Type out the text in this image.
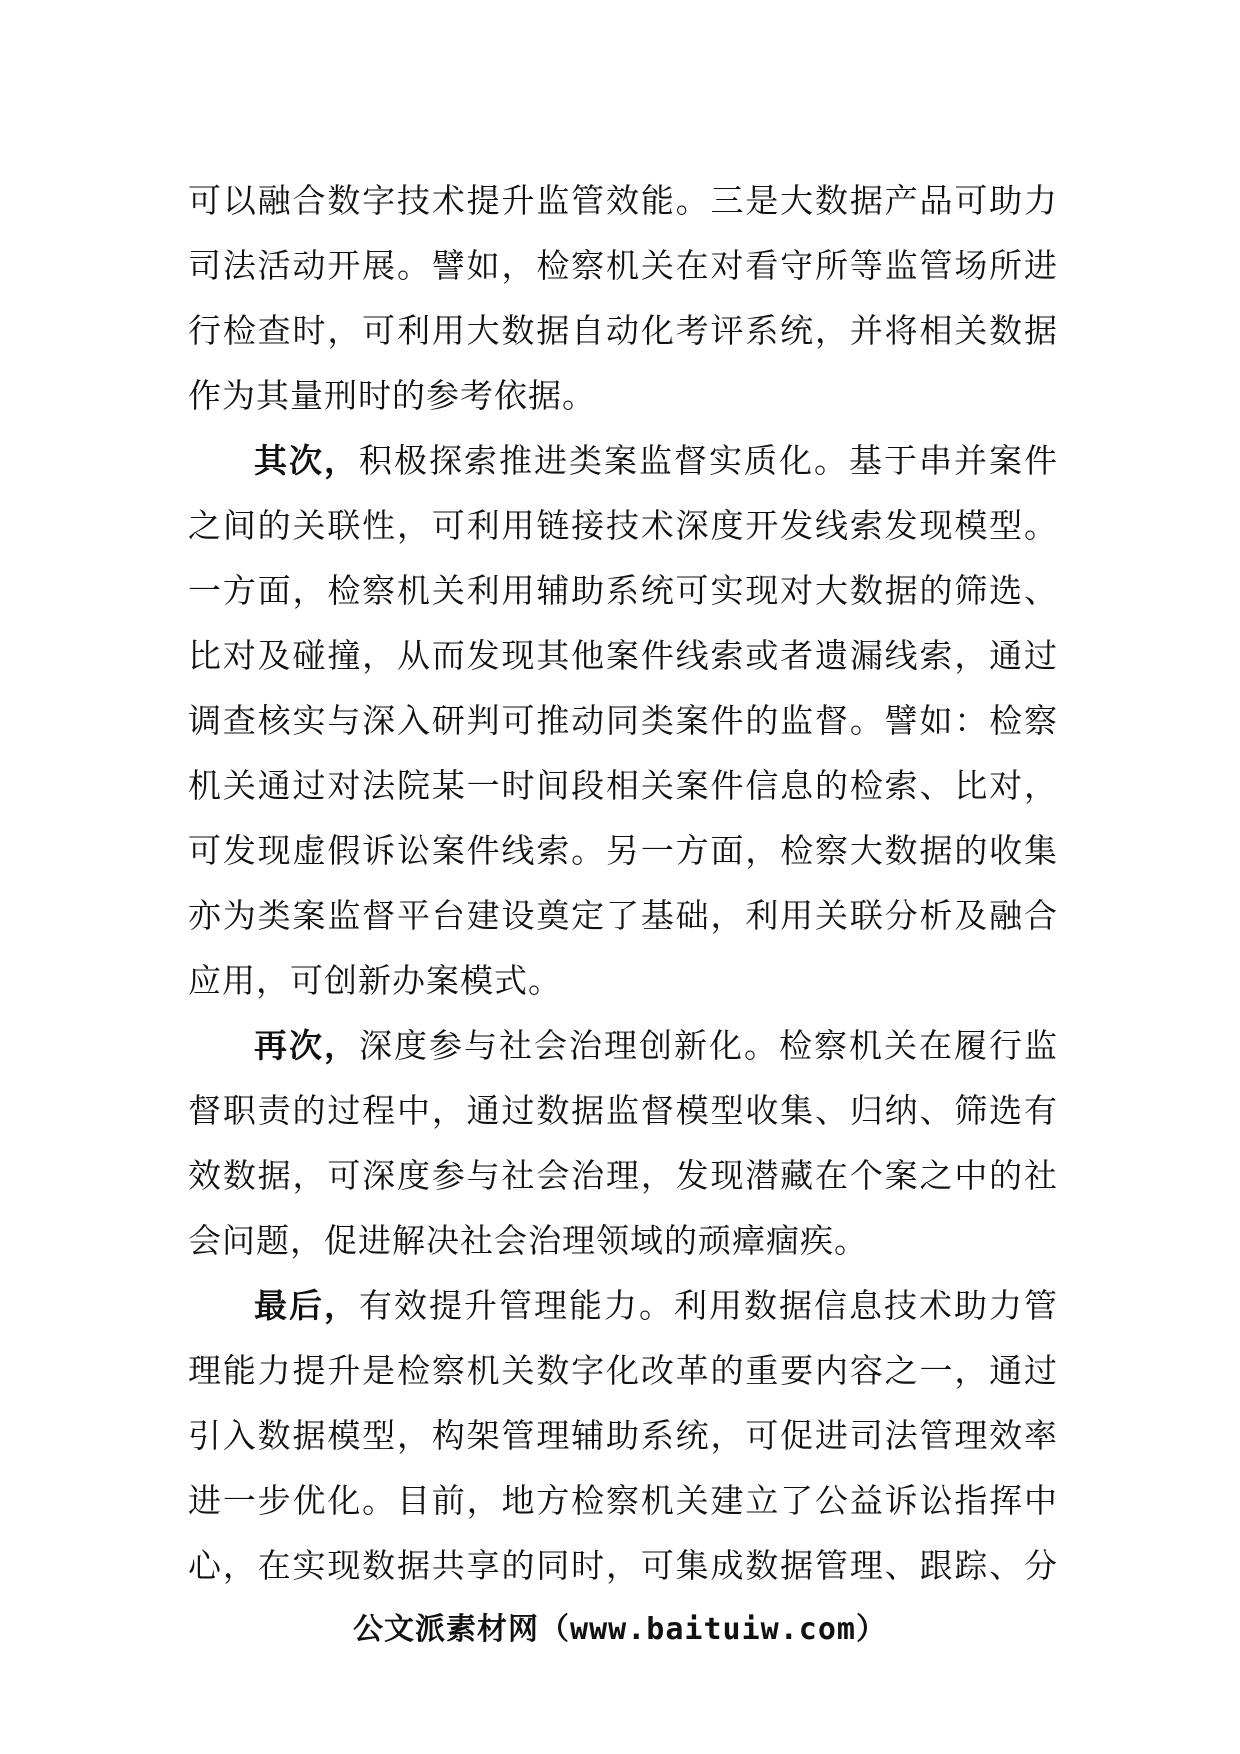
可以融合数字技术提升监管效能。三是大数据产品可助力
司法活动开展。譬如，检察机关在对看守所等监管场所进
行检查时，可利用大数据自动化考评系统，并将相关数据
作为其量刑时的参考依据。
其次，积极探索推进类案监督实质化。基于串并案件
之间的关联性，可利用链接技术深度开发线索发现模型。
一方面，检察机关利用辅助系统可实现对大数据的筛选、
比对及碰撞，从而发现其他案件线索或者遗漏线索，通过
调查核实与深入研判可推动同类案件的监督。譬如：检察
机关通过对法院某一时间段相关案件信息的检索、比对，
可发现虚假诉讼案件线索。另一方面，检察大数据的收集
亦为类案监督平台建设奠定了基础，利用关联分析及融合
应用，可创新办案模式。
再次，深度参与社会治理创新化。检察机关在履行监
督职责的过程中，通过数据监督模型收集、归纳、筛选有
效数据，可深度参与社会治理，发现潜藏在个案之中的社
会问题，促进解决社会治理领域的顽瘴痼疾。
最后，有效提升管理能力。利用数据信息技术助力管
理能力提升是检察机关数字化改革的重要内容之一，通过
引入数据模型，构架管理辅助系统，可促进司法管理效率
进一步优化。目前，地方检察机关建立了公益诉讼指挥中
心，在实现数据共享的同时，可集成数据管理、跟踪、分
公文派素材网（www.baituiw.com）
